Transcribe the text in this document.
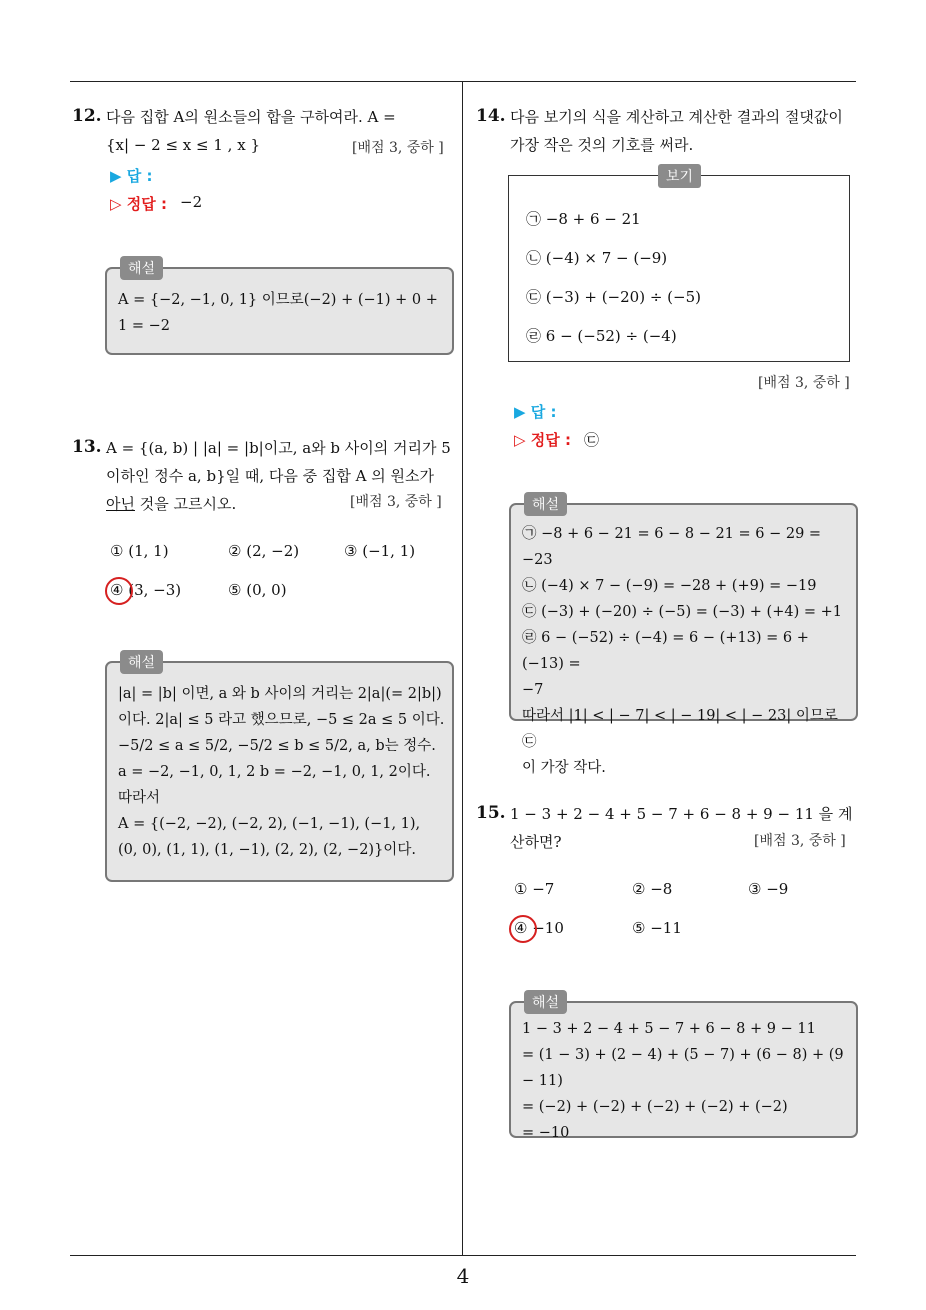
12. 다음 집합 A의 원소들의 합을 구하여라. A =
{x| − 2 ≤ x ≤ 1 , x }	[배점 3, 중하 ]
▶ 답 :
▷ 정답 : −2
해설
A = {−2, −1, 0, 1} 이므로(−2) + (−1) + 0 +
1 = −2
13. A = {(a, b) | |a| = |b|이고, a와 b 사이의 거리가 5
이하인 정수 a, b}일 때, 다음 중 집합 A 의 원소가
아닌 것을 고르시오.	[배점 3, 중하 ]
① (1, 1)	② (2, −2)	③ (−1, 1)
④ (3, −3)	⑤ (0, 0)
해설
|a| = |b| 이면, a 와 b 사이의 거리는 2|a|(= 2|b|)
이다. 2|a| ≤ 5 라고 했으므로, −5 ≤ 2a ≤ 5 이다.
−5/2 ≤ a ≤ 5/2, −5/2 ≤ b ≤ 5/2, a, b는 정수.
a = −2, −1, 0, 1, 2 b = −2, −1, 0, 1, 2이다.
따라서
A = {(−2, −2), (−2, 2), (−1, −1), (−1, 1),
(0, 0), (1, 1), (1, −1), (2, 2), (2, −2)}이다.
14. 다음 보기의 식을 계산하고 계산한 결과의 절댓값이
가장 작은 것의 기호를 써라.
보기
㉠ −8 + 6 − 21
㉡ (−4) × 7 − (−9)
㉢ (−3) + (−20) ÷ (−5)
㉣ 6 − (−52) ÷ (−4)
[배점 3, 중하 ]
▶ 답 :
▷ 정답 : ㉢
해설
㉠ −8 + 6 − 21 = 6 − 8 − 21 = 6 − 29 = −23
㉡ (−4) × 7 − (−9) = −28 + (+9) = −19
㉢ (−3) + (−20) ÷ (−5) = (−3) + (+4) = +1
㉣ 6 − (−52) ÷ (−4) = 6 − (+13) = 6 + (−13) =
−7
따라서 |1| < | − 7| < | − 19| < | − 23| 이므로 ㉢
이 가장 작다.
15. 1 − 3 + 2 − 4 + 5 − 7 + 6 − 8 + 9 − 11 을 계산하면?	[배점 3, 중하 ]
① −7	② −8	③ −9
④ −10	⑤ −11
해설
1 − 3 + 2 − 4 + 5 − 7 + 6 − 8 + 9 − 11
= (1 − 3) + (2 − 4) + (5 − 7) + (6 − 8) + (9 − 11)
= (−2) + (−2) + (−2) + (−2) + (−2)
= −10
4
